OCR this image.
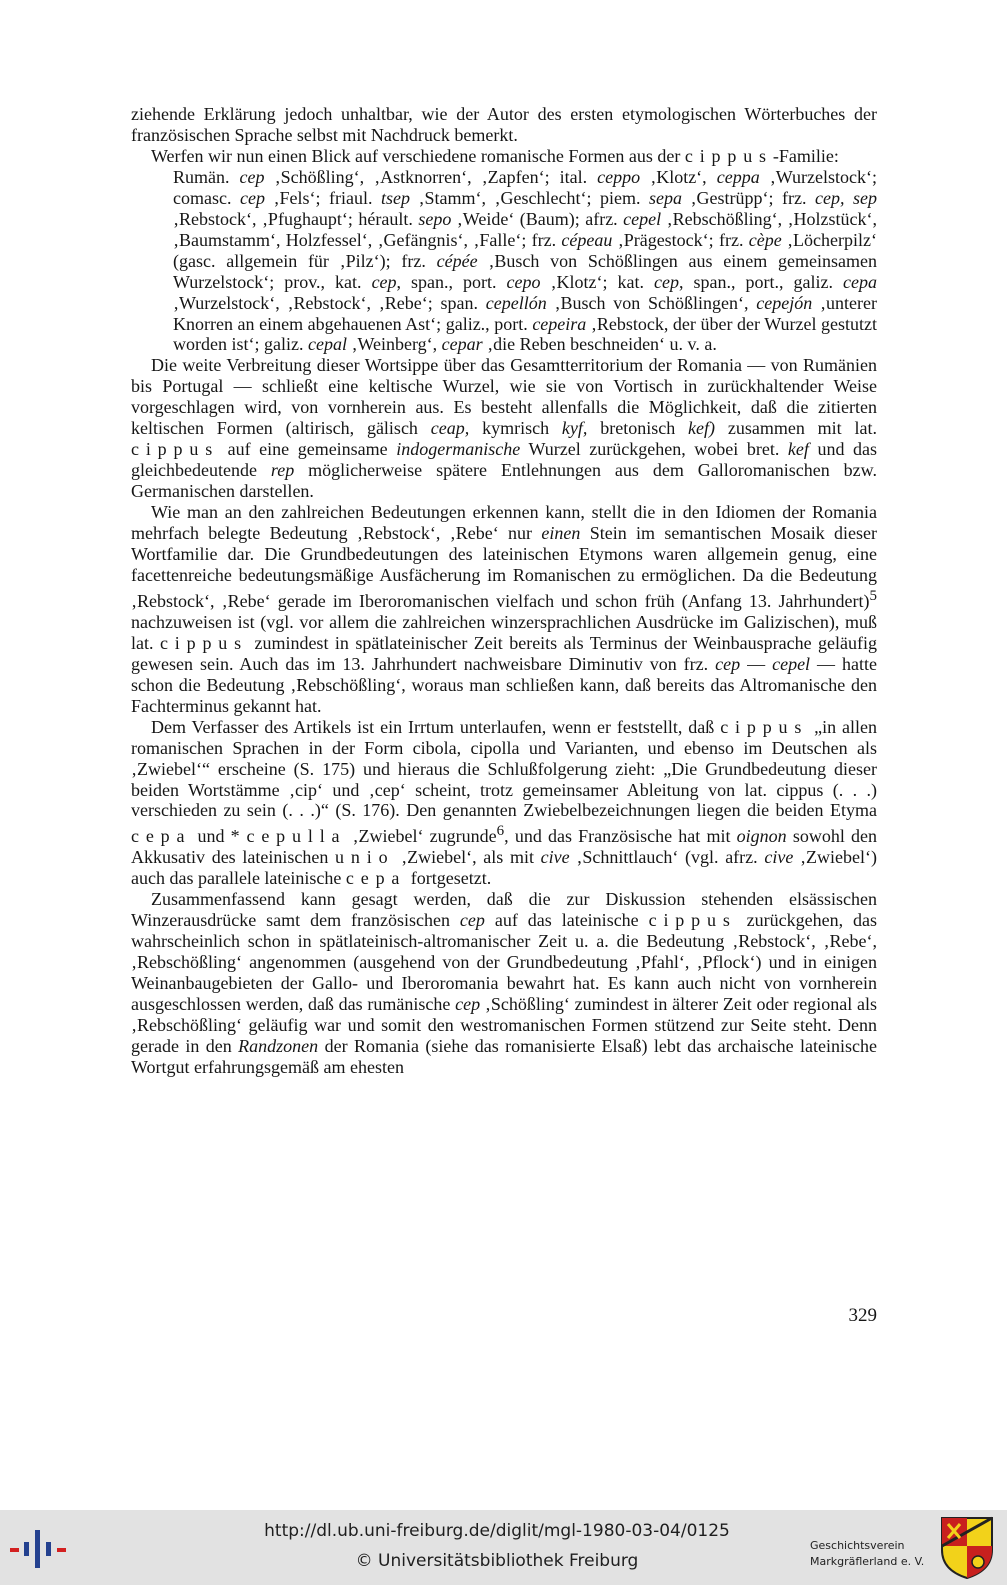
ziehende Erklärung jedoch unhaltbar, wie der Autor des ersten etymologischen Wörterbuches der französischen Sprache selbst mit Nachdruck bemerkt.

Werfen wir nun einen Blick auf verschiedene romanische Formen aus der cippus-Familie:

Rumän. cep ‚Schößling‘, ‚Astknorren‘, ‚Zapfen‘; ital. ceppo ‚Klotz‘, ceppa ‚Wurzelstock‘; comasc. cep ‚Fels‘; friaul. tsep ‚Stamm‘, ‚Geschlecht‘; piem. sepa ‚Gestrüpp‘; frz. cep, sep ‚Rebstock‘, ‚Pfughaupt‘; hérault. sepo ‚Weide‘ (Baum); afrz. cepel ‚Rebschößling‘, ‚Holzstück‘, ‚Baumstamm‘, Holzfessel‘, ‚Gefängnis‘, ‚Falle‘; frz. cépeau ‚Prägestock‘; frz. cèpe ‚Löcherpilz‘ (gasc. allgemein für ‚Pilz‘); frz. cépée ‚Busch von Schößlingen aus einem gemeinsamen Wurzelstock‘; prov., kat. cep, span., port. cepo ‚Klotz‘; kat. cep, span., port., galiz. cepa ‚Wurzelstock‘, ‚Rebstock‘, ‚Rebe‘; span. cepellón ‚Busch von Schößlingen‘, cepejón ‚unterer Knorren an einem abgehauenen Ast‘; galiz., port. cepeira ‚Rebstock, der über der Wurzel gestutzt worden ist‘; galiz. cepal ‚Weinberg‘, cepar ‚die Reben beschneiden‘ u. v. a.

Die weite Verbreitung dieser Wortsippe über das Gesamtterritorium der Romania — von Rumänien bis Portugal — schließt eine keltische Wurzel, wie sie von Vortisch in zurückhaltender Weise vorgeschlagen wird, von vornherein aus. Es besteht allenfalls die Möglichkeit, daß die zitierten keltischen Formen (altirisch, gälisch ceap, kymrisch kyf, bretonisch kef) zusammen mit lat. cippus auf eine gemeinsame indogermanische Wurzel zurückgehen, wobei bret. kef und das gleichbedeutende rep möglicherweise spätere Entlehnungen aus dem Galloromanischen bzw. Germanischen darstellen.

Wie man an den zahlreichen Bedeutungen erkennen kann, stellt die in den Idiomen der Romania mehrfach belegte Bedeutung ‚Rebstock‘, ‚Rebe‘ nur einen Stein im semantischen Mosaik dieser Wortfamilie dar. Die Grundbedeutungen des lateinischen Etymons waren allgemein genug, eine facettenreiche bedeutungsmäßige Ausfächerung im Romanischen zu ermöglichen. Da die Bedeutung ‚Rebstock‘, ‚Rebe‘ gerade im Iberoromanischen vielfach und schon früh (Anfang 13. Jahrhundert)$^5$ nachzuweisen ist (vgl. vor allem die zahlreichen winzersprachlichen Ausdrücke im Galizischen), muß lat. cippus zumindest in spätlateinischer Zeit bereits als Terminus der Weinbausprache geläufig gewesen sein. Auch das im 13. Jahrhundert nachweisbare Diminutiv von frz. cep — cepel — hatte schon die Bedeutung ‚Rebschößling‘, woraus man schließen kann, daß bereits das Altromanische den Fachterminus gekannt hat.

Dem Verfasser des Artikels ist ein Irrtum unterlaufen, wenn er feststellt, daß cippus „in allen romanischen Sprachen in der Form cibola, cipolla und Varianten, und ebenso im Deutschen als ‚Zwiebel‘“ erscheine (S. 175) und hieraus die Schlußfolgerung zieht: „Die Grundbedeutung dieser beiden Wortstämme ‚cip‘ und ‚cep‘ scheint, trotz gemeinsamer Ableitung von lat. cippus (. . .) verschieden zu sein (. . .)“ (S. 176). Den genannten Zwiebelbezeichnungen liegen die beiden Etyma cepa und *cepulla ‚Zwiebel‘ zugrunde$^6$, und das Französische hat mit oignon sowohl den Akkusativ des lateinischen unio ‚Zwiebel‘, als mit cive ‚Schnittlauch‘ (vgl. afrz. cive ‚Zwiebel‘) auch das parallele lateinische cepa fortgesetzt.

Zusammenfassend kann gesagt werden, daß die zur Diskussion stehenden elsässischen Winzerausdrücke samt dem französischen cep auf das lateinische cippus zurückgehen, das wahrscheinlich schon in spätlateinisch-altromanischer Zeit u. a. die Bedeutung ‚Rebstock‘, ‚Rebe‘, ‚Rebschößling‘ angenommen (ausgehend von der Grundbedeutung ‚Pfahl‘, ‚Pflock‘) und in einigen Weinanbaugebieten der Gallo- und Iberoromania bewahrt hat. Es kann auch nicht von vornherein ausgeschlossen werden, daß das rumänische cep ‚Schößling‘ zumindest in älterer Zeit oder regional als ‚Rebschößling‘ geläufig war und somit den westromanischen Formen stützend zur Seite steht. Denn gerade in den Randzonen der Romania (siehe das romanisierte Elsaß) lebt das archaische lateinische Wortgut erfahrungsgemäß am ehesten

329
http://dl.ub.uni-freiburg.de/diglit/mgl-1980-03-04/0125
© Universitätsbibliothek Freiburg
Geschichtsverein
Markgräflerland e. V.
